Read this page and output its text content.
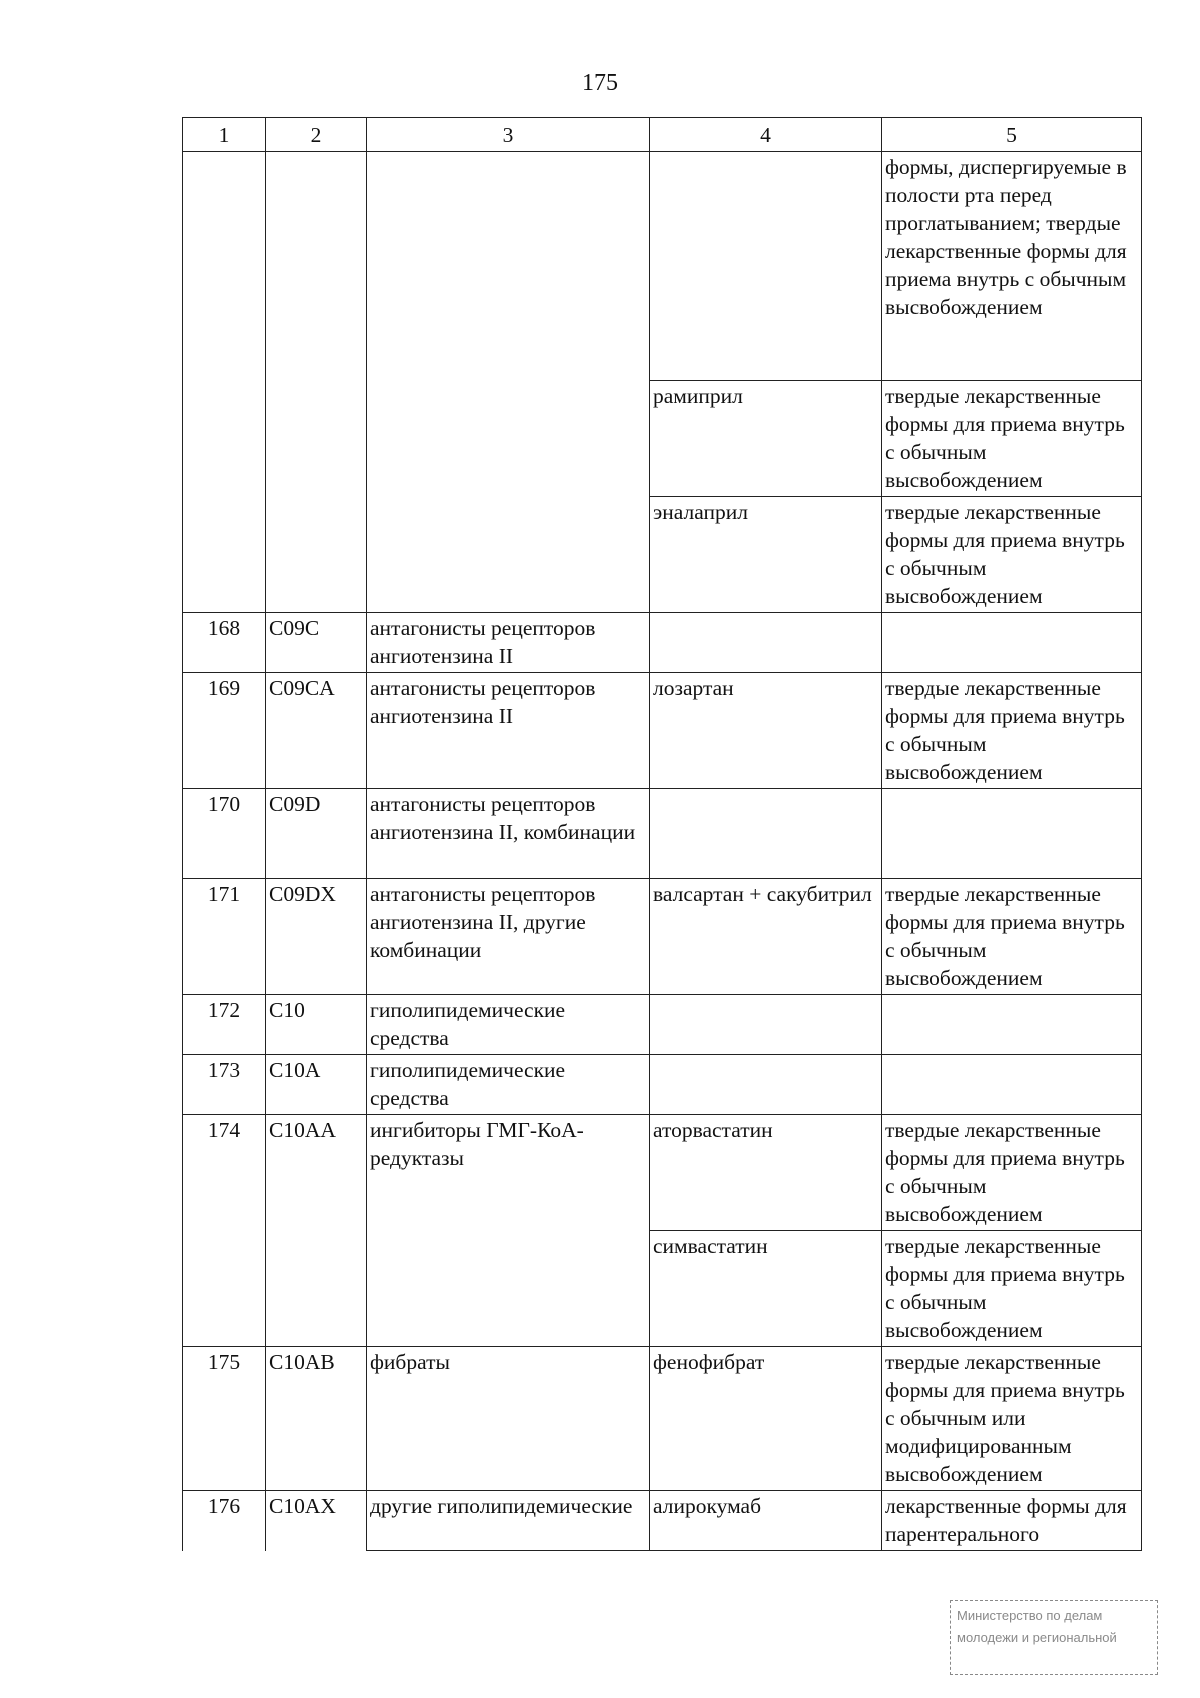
175
1	2	3	4	5
				формы, диспергируемые в полости рта перед проглатыванием; твердые лекарственные формы для приема внутрь с обычным высвобождением
			рамиприл	твердые лекарственные формы для приема внутрь с обычным высвобождением
			эналаприл	твердые лекарственные формы для приема внутрь с обычным высвобождением
168	C09C	антагонисты рецепторов ангиотензина II		
169	C09CA	антагонисты рецепторов ангиотензина II	лозартан	твердые лекарственные формы для приема внутрь с обычным высвобождением
170	C09D	антагонисты рецепторов ангиотензина II, комбинации		
171	C09DX	антагонисты рецепторов ангиотензина II, другие комбинации	валсартан + сакубитрил	твердые лекарственные формы для приема внутрь с обычным высвобождением
172	C10	гиполипидемические средства		
173	C10A	гиполипидемические средства		
174	C10AA	ингибиторы ГМГ-КоА-редуктазы	аторвастатин	твердые лекарственные формы для приема внутрь с обычным высвобождением
			симвастатин	твердые лекарственные формы для приема внутрь с обычным высвобождением
175	C10AB	фибраты	фенофибрат	твердые лекарственные формы для приема внутрь с обычным или модифицированным высвобождением
176	C10AX	другие гиполипидемические	алирокумаб	лекарственные формы для парентерального
Министерство по делам
молодежи и региональной
